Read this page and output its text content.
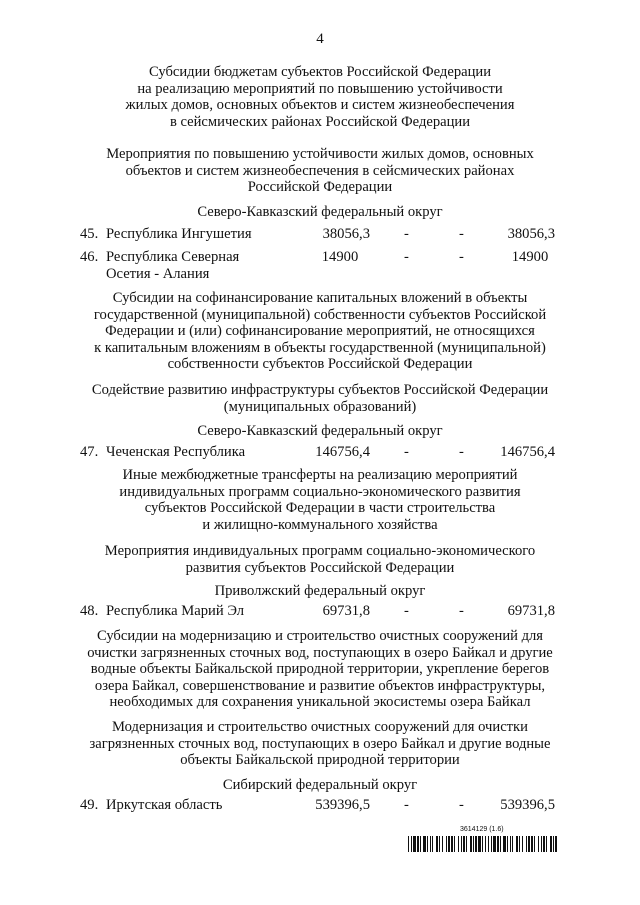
4
Субсидии бюджетам субъектов Российской Федерации
на реализацию мероприятий по повышению устойчивости
жилых домов, основных объектов и систем жизнеобеспечения
в сейсмических районах Российской Федерации
Мероприятия по повышению устойчивости жилых домов, основных
объектов и систем жизнеобеспечения в сейсмических районах
Российской Федерации
Северо-Кавказский федеральный округ
45. Республика Ингушетия	38056,3 -	-	38056,3
46. Республика Северная	14900	-	-	14900
Осетия - Алания
Субсидии на софинансирование капитальных вложений в объекты
государственной (муниципальной) собственности субъектов Российской
Федерации и (или) софинансирование мероприятий, не относящихся
к капитальным вложениям в объекты государственной (муниципальной)
собственности субъектов Российской Федерации
Содействие развитию инфраструктуры субъектов Российской Федерации
(муниципальных образований)
Северо-Кавказский федеральный округ
47. Чеченская Республика	146756,4 -	- 146756,4
Иные межбюджетные трансферты на реализацию мероприятий
индивидуальных программ социально-экономического развития
субъектов Российской Федерации в части строительства
и жилищно-коммунального хозяйства
Мероприятия индивидуальных программ социально-экономического
развития субъектов Российской Федерации
Приволжский федеральный округ
48. Республика Марий Эл	69731,8 -	-	69731,8
Субсидии на модернизацию и строительство очистных сооружений для
очистки загрязненных сточных вод, поступающих в озеро Байкал и другие
водные объекты Байкальской природной территории, укрепление берегов
озера Байкал, совершенствование и развитие объектов инфраструктуры,
необходимых для сохранения уникальной экосистемы озера Байкал
Модернизация и строительство очистных сооружений для очистки
загрязненных сточных вод, поступающих в озеро Байкал и другие водные
объекты Байкальской природной территории
Сибирский федеральный округ
49. Иркутская область	539396,5 -	- 539396,5
3614129 (1.6)
